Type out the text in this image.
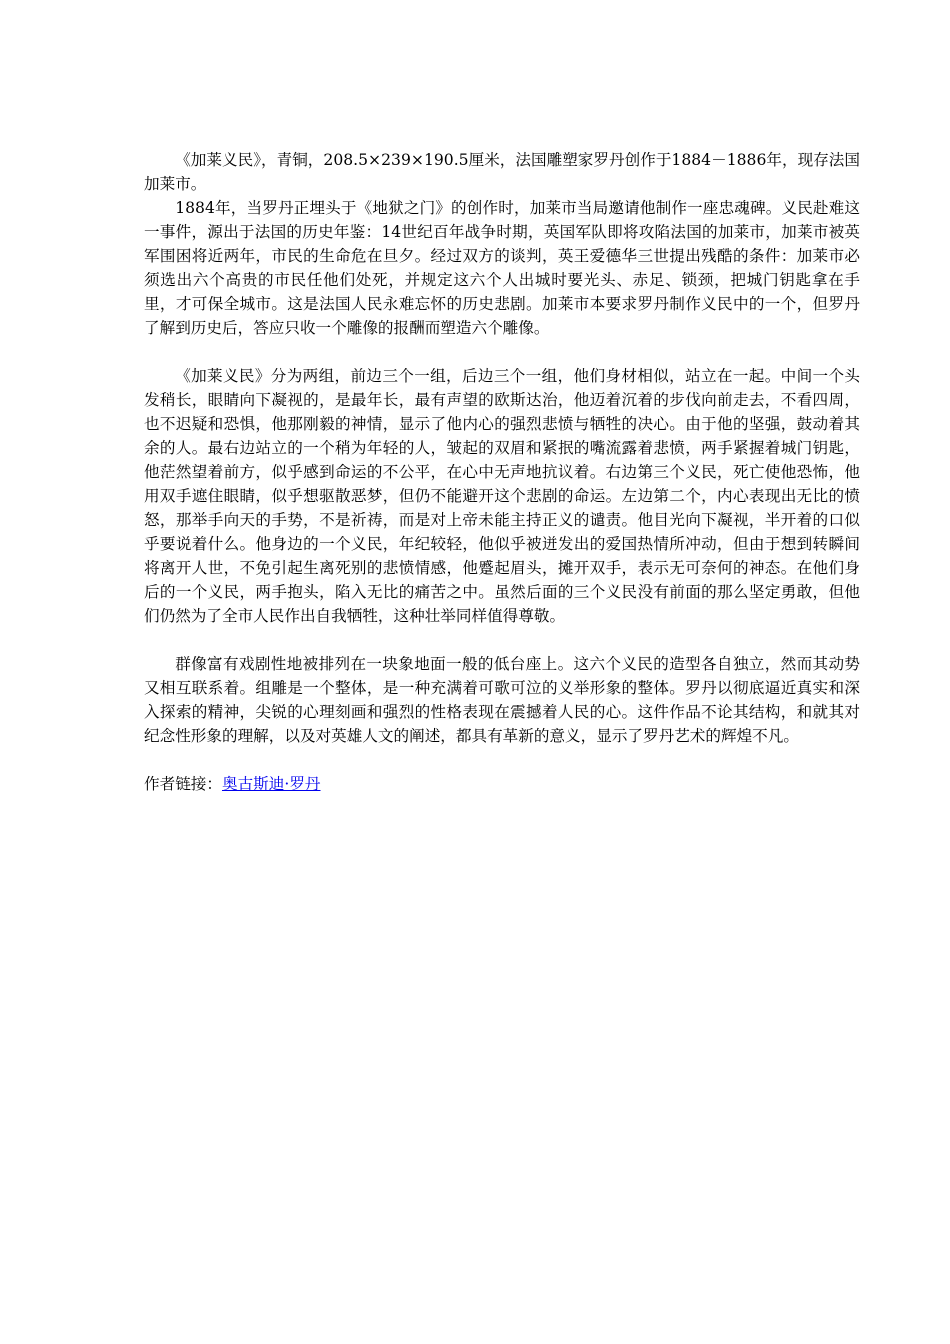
《加莱义民》，青铜，208.5×239×190.5厘米，法国雕塑家罗丹创作于1884－1886年，现存法国加莱市。

1884年，当罗丹正埋头于《地狱之门》的创作时，加莱市当局邀请他制作一座忠魂碑。义民赴难这一事件，源出于法国的历史年鉴：14世纪百年战争时期，英国军队即将攻陷法国的加莱市，加莱市被英军围困将近两年，市民的生命危在旦夕。经过双方的谈判，英王爱德华三世提出残酷的条件：加莱市必须选出六个高贵的市民任他们处死，并规定这六个人出城时要光头、赤足、锁颈，把城门钥匙拿在手里，才可保全城市。这是法国人民永难忘怀的历史悲剧。加莱市本要求罗丹制作义民中的一个，但罗丹了解到历史后，答应只收一个雕像的报酬而塑造六个雕像。

《加莱义民》分为两组，前边三个一组，后边三个一组，他们身材相似，站立在一起。中间一个头发稍长，眼睛向下凝视的，是最年长，最有声望的欧斯达治，他迈着沉着的步伐向前走去，不看四周，也不迟疑和恐惧，他那刚毅的神情，显示了他内心的强烈悲愤与牺牲的决心。由于他的坚强，鼓动着其余的人。最右边站立的一个稍为年轻的人，皱起的双眉和紧抿的嘴流露着悲愤，两手紧握着城门钥匙，他茫然望着前方，似乎感到命运的不公平，在心中无声地抗议着。右边第三个义民，死亡使他恐怖，他用双手遮住眼睛，似乎想驱散恶梦，但仍不能避开这个悲剧的命运。左边第二个，内心表现出无比的愤怒，那举手向天的手势，不是祈祷，而是对上帝未能主持正义的谴责。他目光向下凝视，半开着的口似乎要说着什么。他身边的一个义民，年纪较轻，他似乎被迸发出的爱国热情所冲动，但由于想到转瞬间将离开人世，不免引起生离死别的悲愤情感，他蹙起眉头，摊开双手，表示无可奈何的神态。在他们身后的一个义民，两手抱头，陷入无比的痛苦之中。虽然后面的三个义民没有前面的那么坚定勇敢，但他们仍然为了全市人民作出自我牺牲，这种壮举同样值得尊敬。

群像富有戏剧性地被排列在一块象地面一般的低台座上。这六个义民的造型各自独立，然而其动势又相互联系着。组雕是一个整体，是一种充满着可歌可泣的义举形象的整体。罗丹以彻底逼近真实和深入探索的精神，尖锐的心理刻画和强烈的性格表现在震撼着人民的心。这件作品不论其结构，和就其对纪念性形象的理解，以及对英雄人文的阐述，都具有革新的意义，显示了罗丹艺术的辉煌不凡。

作者链接：奥古斯迪·罗丹
